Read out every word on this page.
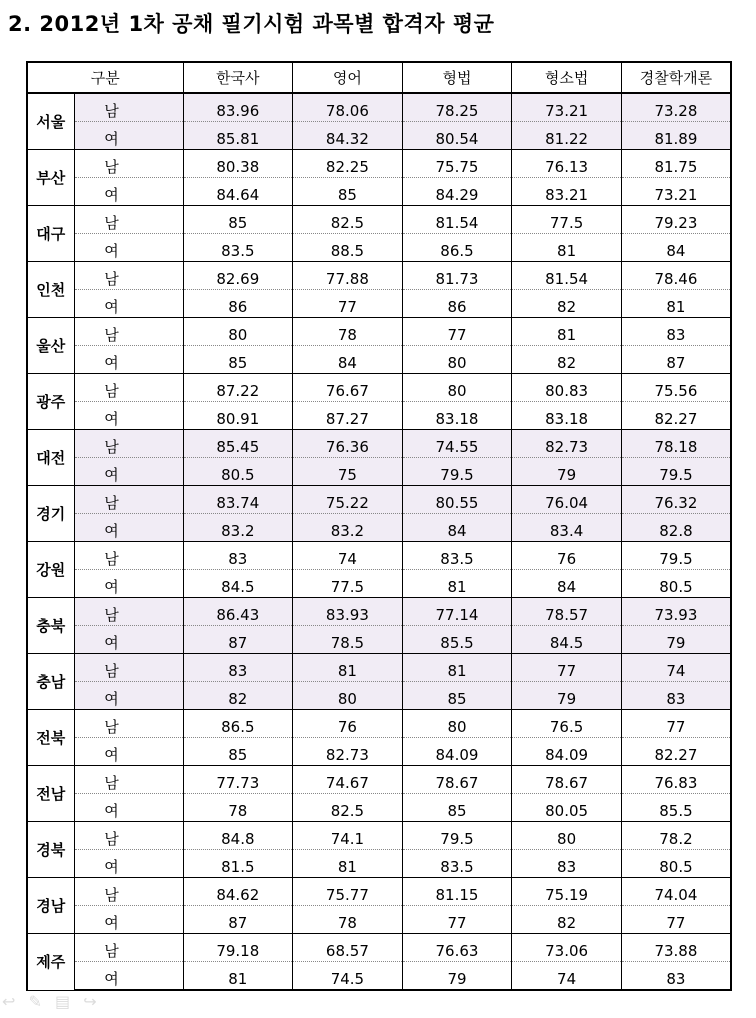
2. 2012년 1차 공채 필기시험 과목별 합격자 평균
구분		한국사	영어	형법	형소법	경찰학개론
서울	남	83.96	78.06	78.25	73.21	73.28
	여	85.81	84.32	80.54	81.22	81.89
부산	남	80.38	82.25	75.75	76.13	81.75
	여	84.64	85	84.29	83.21	73.21
대구	남	85	82.5	81.54	77.5	79.23
	여	83.5	88.5	86.5	81	84
인천	남	82.69	77.88	81.73	81.54	78.46
	여	86	77	86	82	81
울산	남	80	78	77	81	83
	여	85	84	80	82	87
광주	남	87.22	76.67	80	80.83	75.56
	여	80.91	87.27	83.18	83.18	82.27
대전	남	85.45	76.36	74.55	82.73	78.18
	여	80.5	75	79.5	79	79.5
경기	남	83.74	75.22	80.55	76.04	76.32
	여	83.2	83.2	84	83.4	82.8
강원	남	83	74	83.5	76	79.5
	여	84.5	77.5	81	84	80.5
충북	남	86.43	83.93	77.14	78.57	73.93
	여	87	78.5	85.5	84.5	79
충남	남	83	81	81	77	74
	여	82	80	85	79	83
전북	남	86.5	76	80	76.5	77
	여	85	82.73	84.09	84.09	82.27
전남	남	77.73	74.67	78.67	78.67	76.83
	여	78	82.5	85	80.05	85.5
경북	남	84.8	74.1	79.5	80	78.2
	여	81.5	81	83.5	83	80.5
경남	남	84.62	75.77	81.15	75.19	74.04
	여	87	78	77	82	77
제주	남	79.18	68.57	76.63	73.06	73.88
	여	81	74.5	79	74	83
↩ ✎ ▤ ↪
